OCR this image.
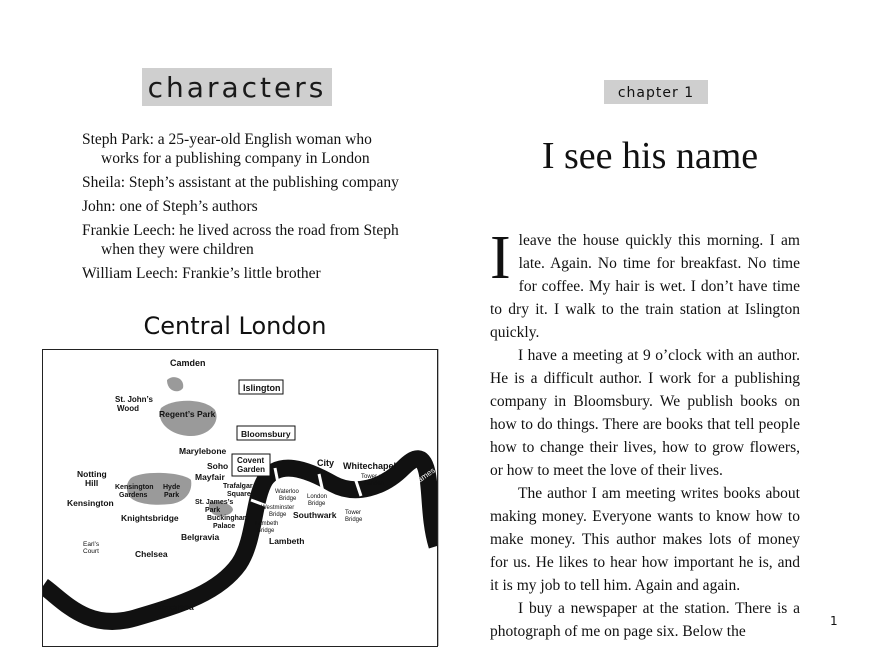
characters
Steph Park: a 25-year-old English woman who works for a publishing company in London
Sheila: Steph’s assistant at the publishing company
John: one of Steph’s authors
Frankie Leech: he lived across the road from Steph when they were children
William Leech: Frankie’s little brother
Central London
Camden
Islington
St. John’s
Wood
Regent’s Park
Bloomsbury
Marylebone
Covent
Garden
Soho
Mayfair
Trafalgar
Square
Notting
Hill Kensington
Gardens
Hyde
Park
Kensington	St. James’s
Park
Buckingham
Palace
Knightsbridge
Waterloo
Bridge
Westminster
Bridge
Lambeth
Bridge
London
Bridge
City Whitechapel
Tower of
London
Tower
Bridge
Southwark
Lambeth
Belgravia
Earl’s
Court	Chelsea
Battersea
River Thames
chapter 1
I see his name

Ileave the house quickly this morning. I am late. Again. No time for breakfast. No time for coffee. My hair is wet. I don’t have time to dry it. I walk to the train station at Islington quickly.

I have a meeting at 9 o’clock with an author. He is a difficult author. I work for a publishing company in Bloomsbury. We publish books on how to do things. There are books that tell people how to change their lives, how to grow flowers, or how to meet the love of their lives.

The author I am meeting writes books about making money. Everyone wants to know how to make money. This author makes lots of money for us. He likes to hear how important he is, and it is my job to tell him. Again and again.

I buy a newspaper at the station. There is a photograph of me on page six. Below the

1
